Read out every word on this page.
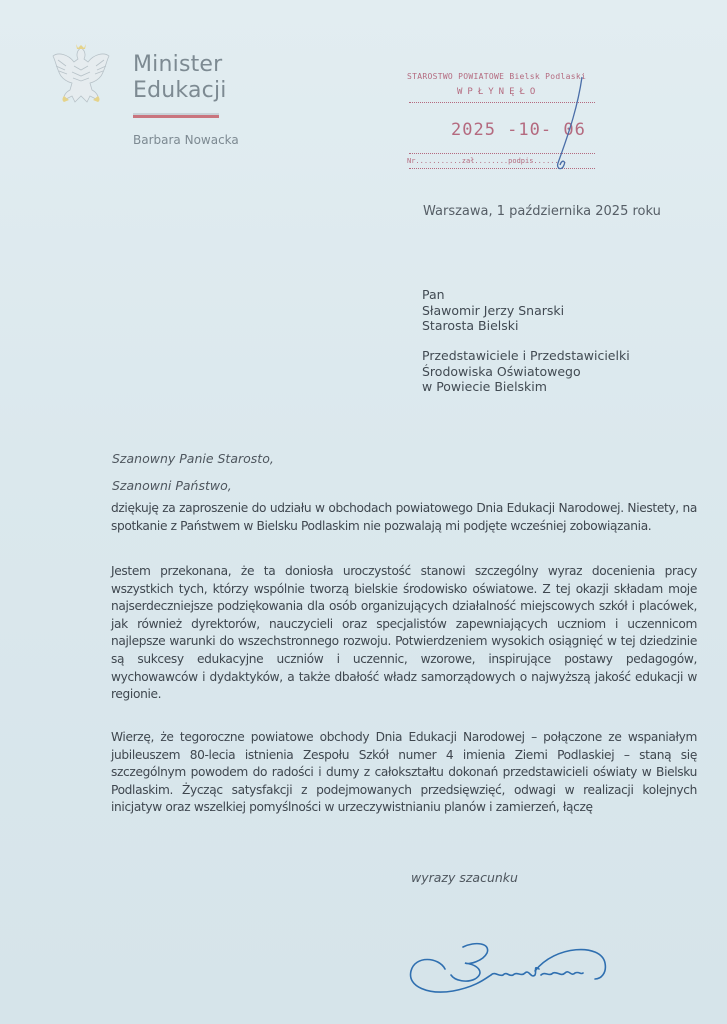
Minister
Edukacji
Barbara Nowacka
STAROSTWO POWIATOWE Bielsk Podlaski
WPŁYNĘŁO
2025 -10- 06
Nr...........zał........podpis........
Warszawa, 1 października 2025 roku
Pan
Sławomir Jerzy Snarski
Starosta Bielski
Przedstawiciele i Przedstawicielki
Środowiska Oświatowego
w Powiecie Bielskim
Szanowny Panie Starosto,
Szanowni Państwo,
dziękuję za zaproszenie do udziału w obchodach powiatowego Dnia Edukacji Narodowej. Niestety, na spotkanie z Państwem w Bielsku Podlaskim nie pozwalają mi podjęte wcześniej zobowiązania.
Jestem przekonana, że ta doniosła uroczystość stanowi szczególny wyraz docenienia pracy wszystkich tych, którzy wspólnie tworzą bielskie środowisko oświatowe. Z tej okazji składam moje najserdeczniejsze podziękowania dla osób organizujących działalność miejscowych szkół i placówek, jak również dyrektorów, nauczycieli oraz specjalistów zapewniających uczniom i uczennicom najlepsze warunki do wszechstronnego rozwoju. Potwierdzeniem wysokich osiągnięć w tej dziedzinie są sukcesy edukacyjne uczniów i uczennic, wzorowe, inspirujące postawy pedagogów, wychowawców i dydaktyków, a także dbałość władz samorządowych o najwyższą jakość edukacji w regionie.
Wierzę, że tegoroczne powiatowe obchody Dnia Edukacji Narodowej – połączone ze wspaniałym jubileuszem 80-lecia istnienia Zespołu Szkół numer 4 imienia Ziemi Podlaskiej – staną się szczególnym powodem do radości i dumy z całokształtu dokonań przedstawicieli oświaty w Bielsku Podlaskim. Życząc satysfakcji z podejmowanych przedsięwzięć, odwagi w realizacji kolejnych inicjatyw oraz wszelkiej pomyślności w urzeczywistnianiu planów i zamierzeń, łączę
wyrazy szacunku
